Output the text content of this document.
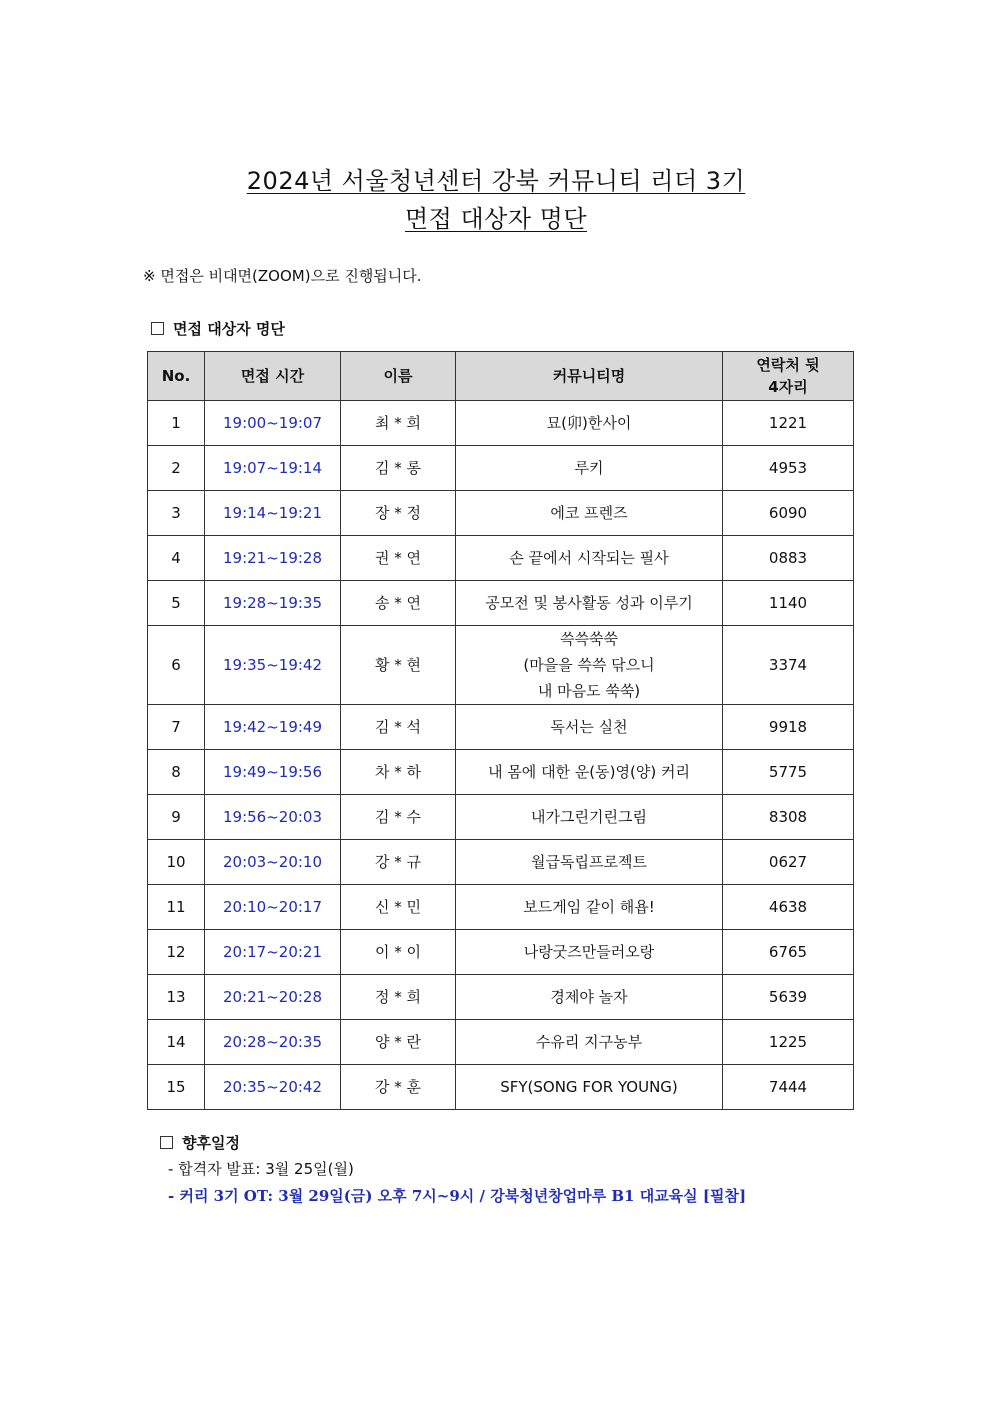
2024년 서울청년센터 강북 커뮤니티 리더 3기
면접 대상자 명단
※ 면접은 비대면(ZOOM)으로 진행됩니다.
면접 대상자 명단
No.	면접 시간	이름	커뮤니티명	연락처 뒷
4자리
1	19:00~19:07	최 * 희	묘(卯)한사이	1221
2	19:07~19:14	김 * 롱	루키	4953
3	19:14~19:21	장 * 정	에코 프렌즈	6090
4	19:21~19:28	권 * 연	손 끝에서 시작되는 필사	0883
5	19:28~19:35	송 * 연	공모전 및 봉사활동 성과 이루기	1140
6	19:35~19:42	황 * 현	쓱쓱쑥쑥
(마을을 쓱쓱 닦으니
내 마음도 쑥쑥)	3374
7	19:42~19:49	김 * 석	독서는 실천	9918
8	19:49~19:56	차 * 하	내 몸에 대한 운(동)영(양) 커리	5775
9	19:56~20:03	김 * 수	내가그린기린그림	8308
10	20:03~20:10	강 * 규	월급독립프로젝트	0627
11	20:10~20:17	신 * 민	보드게임 같이 해욥!	4638
12	20:17~20:21	이 * 이	나랑굿즈만들러오랑	6765
13	20:21~20:28	정 * 희	경제야 놀자	5639
14	20:28~20:35	양 * 란	수유리 지구농부	1225
15	20:35~20:42	강 * 훈	SFY(SONG FOR YOUNG)	7444
향후일정
- 합격자 발표: 3월 25일(월)
- 커리 3기 OT: 3월 29일(금) 오후 7시~9시 / 강북청년창업마루 B1 대교육실 [필참]
